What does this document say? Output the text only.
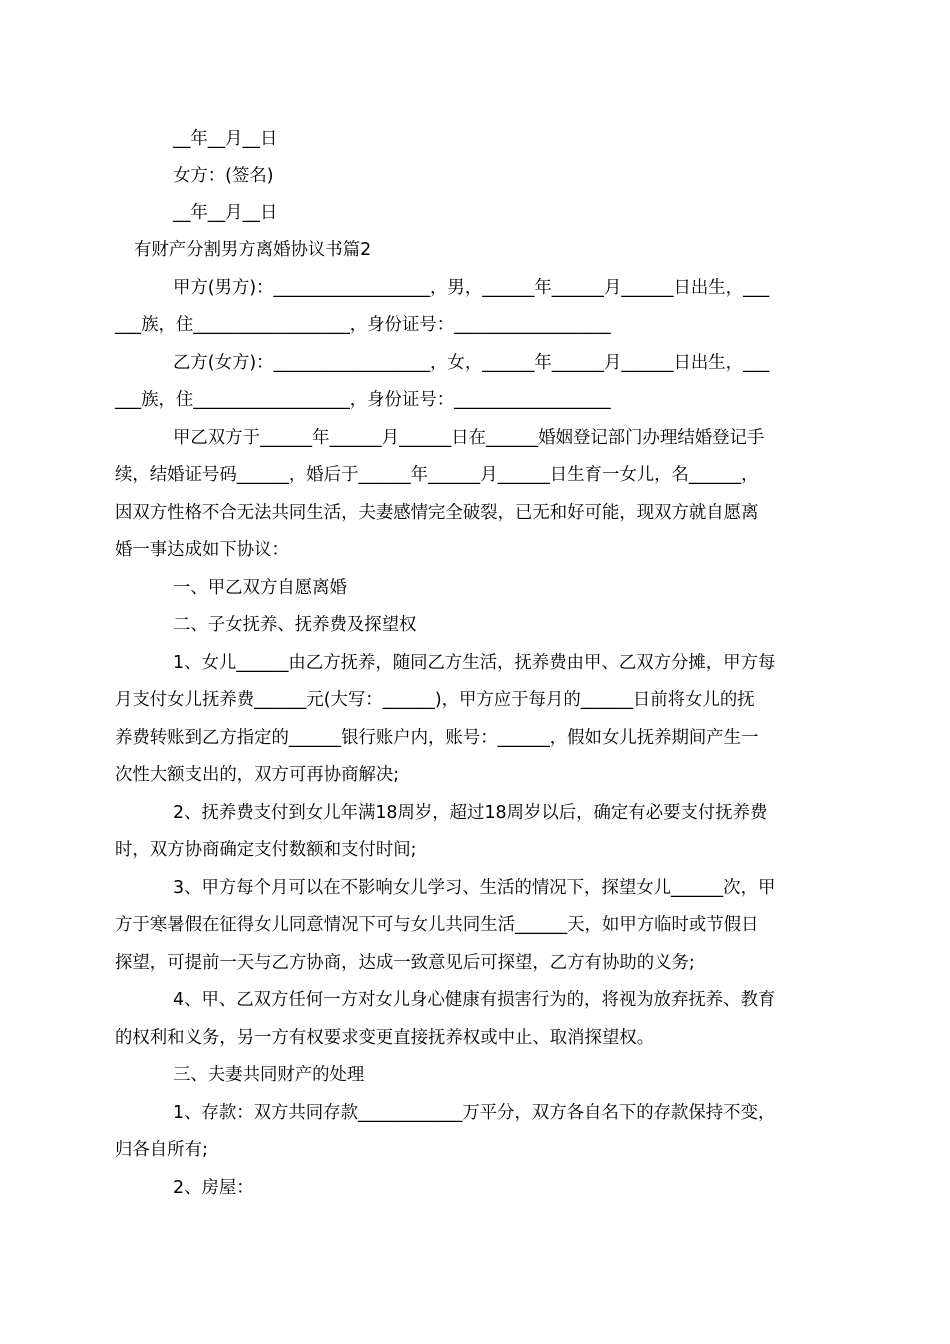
__年__月__日

女方：(签名)

__年__月__日

有财产分割男方离婚协议书篇2

甲方(男方)：__________________，男，______年______月______日出生，___

___族，住__________________，身份证号：__________________

乙方(女方)：__________________，女，______年______月______日出生，___

___族，住__________________，身份证号：__________________

甲乙双方于______年______月______日在______婚姻登记部门办理结婚登记手

续，结婚证号码______，婚后于______年______月______日生育一女儿，名______，

因双方性格不合无法共同生活，夫妻感情完全破裂，已无和好可能，现双方就自愿离

婚一事达成如下协议：

一、甲乙双方自愿离婚

二、子女抚养、抚养费及探望权

1、女儿______由乙方抚养，随同乙方生活，抚养费由甲、乙双方分摊，甲方每

月支付女儿抚养费______元(大写：______)，甲方应于每月的______日前将女儿的抚

养费转账到乙方指定的______银行账户内，账号：______，假如女儿抚养期间产生一

次性大额支出的，双方可再协商解决;

2、抚养费支付到女儿年满18周岁，超过18周岁以后，确定有必要支付抚养费

时，双方协商确定支付数额和支付时间;

3、甲方每个月可以在不影响女儿学习、生活的情况下，探望女儿______次，甲

方于寒暑假在征得女儿同意情况下可与女儿共同生活______天，如甲方临时或节假日

探望，可提前一天与乙方协商，达成一致意见后可探望，乙方有协助的义务;

4、甲、乙双方任何一方对女儿身心健康有损害行为的，将视为放弃抚养、教育

的权利和义务，另一方有权要求变更直接抚养权或中止、取消探望权。

三、夫妻共同财产的处理

1、存款：双方共同存款____________万平分，双方各自名下的存款保持不变，

归各自所有;

2、房屋：
